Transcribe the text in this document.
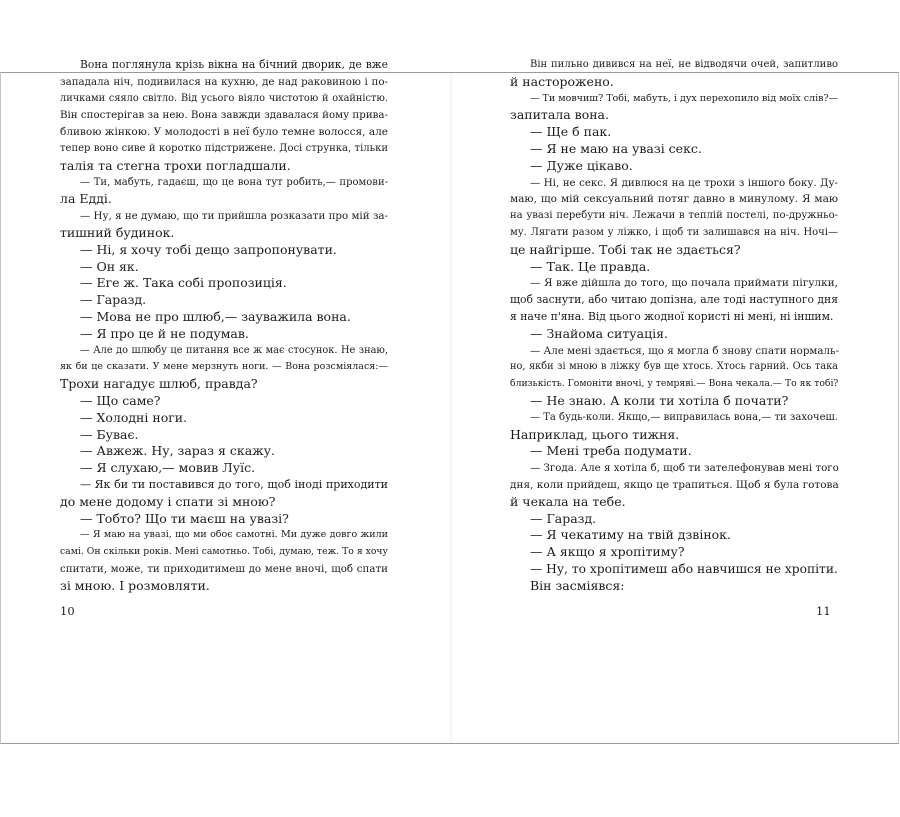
Вона поглянула крізь вікна на бічний дворик, де вже
западала ніч, подивилася на кухню, де над раковиною і по-
личками сяяло світло. Від усього віяло чистотою й охайністю.
Він спостерігав за нею. Вона завжди здавалася йому прива-
бливою жінкою. У молодості в неї було темне волосся, але
тепер воно сиве й коротко підстрижене. Досі струнка, тільки
талія та стегна трохи погладшали.
— Ти, мабуть, гадаєш, що це вона тут робить,— промови-
ла Едді.
— Ну, я не думаю, що ти прийшла розказати про мій за-
тишний будинок.
— Ні, я хочу тобі дещо запропонувати.
— Он як.
— Еге ж. Така собі пропозиція.
— Гаразд.
— Мова не про шлюб,— зауважила вона.
— Я про це й не подумав.
— Але до шлюбу це питання все ж має стосунок. Не знаю,
як би це сказати. У мене мерзнуть ноги. — Вона розсміялася:—
Трохи нагадує шлюб, правда?
— Що саме?
— Холодні ноги.
— Буває.
— Авжеж. Ну, зараз я скажу.
— Я слухаю,— мовив Луїс.
— Як би ти поставився до того, щоб іноді приходити
до мене додому і спати зі мною?
— Тобто? Що ти маєш на увазі?
— Я маю на увазі, що ми обоє самотні. Ми дуже довго жили
самі. Он скільки років. Мені самотньо. Тобі, думаю, теж. То я хочу
спитати, може, ти приходитимеш до мене вночі, щоб спати
зі мною. І розмовляти.
10
Він пильно дивився на неї, не відводячи очей, запитливо
й насторожено.
— Ти мовчиш? Тобі, мабуть, і дух перехопило від моїх слів?—
запитала вона.
— Ще б пак.
— Я не маю на увазі секс.
— Дуже цікаво.
— Ні, не секс. Я дивлюся на це трохи з іншого боку. Ду-
маю, що мій сексуальний потяг давно в минулому. Я маю
на увазі перебути ніч. Лежачи в теплій постелі, по-дружньо-
му. Лягати разом у ліжко, і щоб ти залишався на ніч. Ночі—
це найгірше. Тобі так не здається?
— Так. Це правда.
— Я вже дійшла до того, що почала приймати пігулки,
щоб заснути, або читаю допізна, але тоді наступного дня
я наче п'яна. Від цього жодної користі ні мені, ні іншим.
— Знайома ситуація.
— Але мені здається, що я могла б знову спати нормаль-
но, якби зі мною в ліжку був ще хтось. Хтось гарний. Ось така
близькість. Гомоніти вночі, у темряві.— Вона чекала.— То як тобі?
— Не знаю. А коли ти хотіла б почати?
— Та будь-коли. Якщо,— виправилась вона,— ти захочеш.
Наприклад, цього тижня.
— Мені треба подумати.
— Згода. Але я хотіла б, щоб ти зателефонував мені того
дня, коли прийдеш, якщо це трапиться. Щоб я була готова
й чекала на тебе.
— Гаразд.
— Я чекатиму на твій дзвінок.
— А якщо я хропітиму?
— Ну, то хропітимеш або навчишся не хропіти.
Він засміявся:
11
